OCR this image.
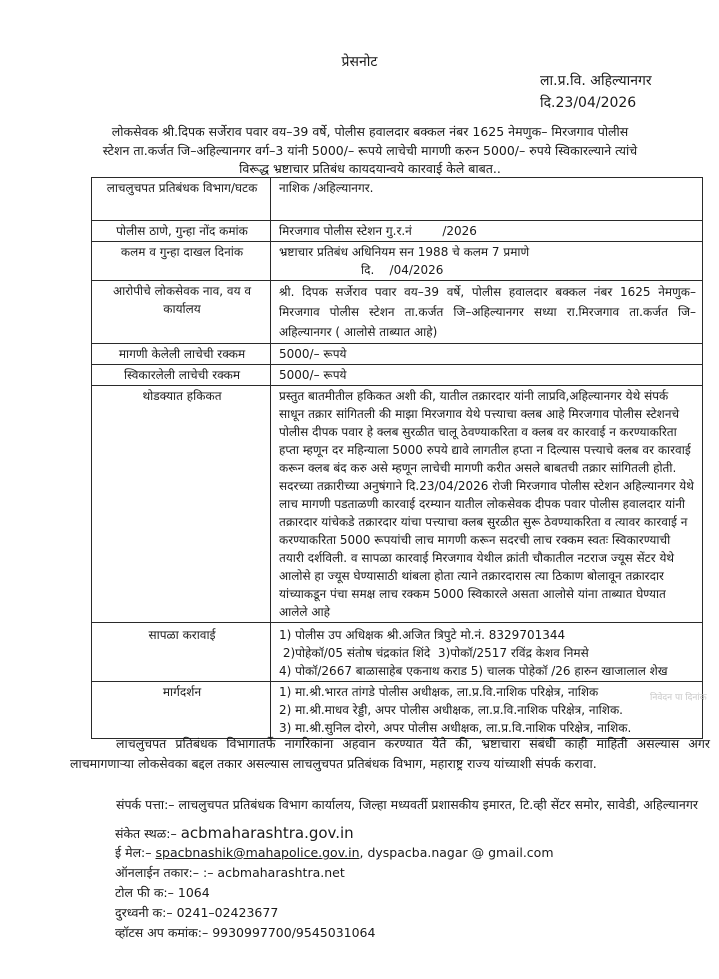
प्रेसनोट
ला.प्र.वि. अहिल्यानगर
दि.23/04/2026
लोकसेवक श्री.दिपक सर्जेराव पवार वय–39 वर्षे, पोलीस हवालदार बक्कल नंबर 1625 नेमणुक– मिरजगाव पोलीस स्टेशन ता.कर्जत जि–अहिल्यानगर वर्ग–3 यांनी 5000/– रूपये लाचेची मागणी करुन 5000/– रुपये स्विकारल्याने त्यांचे विरूद्ध भ्रष्टाचार प्रतिबंध कायदयान्वये कारवाई केले बाबत..
लाचलुचपत प्रतिबंधक विभाग/घटक	नाशिक /अहिल्यानगर.
पोलीस ठाणे, गुन्हा नोंद कमांक	मिरजगाव पोलीस स्टेशन गु.र.नं        /2026
कलम व गुन्हा दाखल दिनांक	भ्रष्टाचार प्रतिबंध अधिनियम सन 1988 चे कलम 7 प्रमाणे
दि.    /04/2026

आरोपीचे लोकसेवक नाव, वय व कार्यालय	श्री. दिपक सर्जेराव पवार वय–39 वर्षे, पोलीस हवालदार बक्कल नंबर 1625 नेमणुक– मिरजगाव पोलीस स्टेशन ता.कर्जत जि–अहिल्यानगर सध्या रा.मिरजगाव ता.कर्जत जि–अहिल्यानगर ( आलोसे ताब्यात आहे)
मागणी केलेली लाचेची रक्कम	5000/– रूपये
स्विकारलेली लाचेची रक्कम	5000/– रूपये
थोडक्यात हकिकत	प्रस्तुत बातमीतील हकिकत अशी की, यातील तक्रारदार यांनी लाप्रवि,अहिल्यानगर येथे संपर्क साधून तक्रार सांगितली की माझा मिरजगाव येथे पत्त्याचा क्लब आहे मिरजगाव पोलीस स्टेशनचे पोलीस दीपक पवार हे क्लब सुरळीत चालू ठेवण्याकरिता व क्लब वर कारवाई न करण्याकरिता हप्ता म्हणून दर महिन्याला 5000 रुपये द्यावे लागतील हप्ता न दिल्यास पत्त्याचे क्लब वर कारवाई करून क्लब बंद करु असे म्हणून लाचेची मागणी करीत असले बाबतची तक्रार सांगितली होती. सदरच्या तक्रारीच्या अनुषंगाने दि.23/04/2026 रोजी मिरजगाव पोलीस स्टेशन अहिल्यानगर येथे लाच मागणी पडताळणी कारवाई दरम्यान यातील लोकसेवक दीपक पवार पोलीस हवालदार यांनी तक्रारदार यांचेकडे तक्रारदार यांचा पत्त्याचा क्लब सुरळीत सुरू ठेवण्याकरिता व त्यावर कारवाई न करण्याकरिता 5000 रूपयांची लाच मागणी करून सदरची लाच रक्कम स्वतः स्विकारण्याची तयारी दर्शविली. व सापळा कारवाई मिरजगाव येथील क्रांती चौकातील नटराज ज्यूस सेंटर येथे आलोसे हा ज्यूस घेण्यासाठी थांबला होता त्याने तक्रारदारास त्या ठिकाण बोलावून तक्रारदार यांच्याकडून पंचा समक्ष लाच रक्कम 5000 स्विकारले असता आलोसे यांना ताब्यात घेण्यात आलेले आहे
सापळा करावाई	1) पोलीस उप अधिक्षक श्री.अजित त्रिपुटे मो.नं. 8329701344
2)पोहेकॉ/05 संतोष चंद्रकांत शिंदे  3)पोकॉ/2517 रविंद्र केशव निमसे
4) पोकॉ/2667 बाळासाहेब एकनाथ कराड 5) चालक पोहेकॉ /26 हारुन खाजालाल शेख

मार्गदर्शन	1) मा.श्री.भारत तांगडे पोलीस अधीक्षक, ला.प्र.वि.नाशिक परिक्षेत्र, नाशिक
2) मा.श्री.माधव रेड्डी, अपर पोलीस अधीक्षक, ला.प्र.वि.नाशिक परिक्षेत्र, नाशिक.
3) मा.श्री.सुनिल दोरगे, अपर पोलीस अधीक्षक, ला.प्र.वि.नाशिक परिक्षेत्र, नाशिक.
निवेदन पा दिनांक
लाचलुचपत प्रतिबंधक विभागातर्फे नागरिकांना अहवान करण्यात येते की, भ्रष्टाचारा संबंधी काही माहिती असल्यास अगर लाचमागणाऱ्या लोकसेवका बद्दल तकार असल्यास लाचलुचपत प्रतिबंधक विभाग, महाराष्ट्र राज्य यांच्याशी संपर्क करावा.
संपर्क पत्ता:– लाचलुचपत प्रतिबंधक विभाग कार्यालय, जिल्हा मध्यवर्ती प्रशासकीय इमारत, टि.व्ही सेंटर समोर, सावेडी, अहिल्यानगर
संकेत स्थळ:– acbmaharashtra.gov.in
ई मेल:– spacbnashik@mahapolice.gov.in, dyspacba.nagar @ gmail.com
ऑनलाईन तकार:– :– acbmaharashtra.net
टोल फी क:– 1064
दुरध्वनी क:– 0241–02423677
व्हॉटस अप कमांक:– 9930997700/9545031064
